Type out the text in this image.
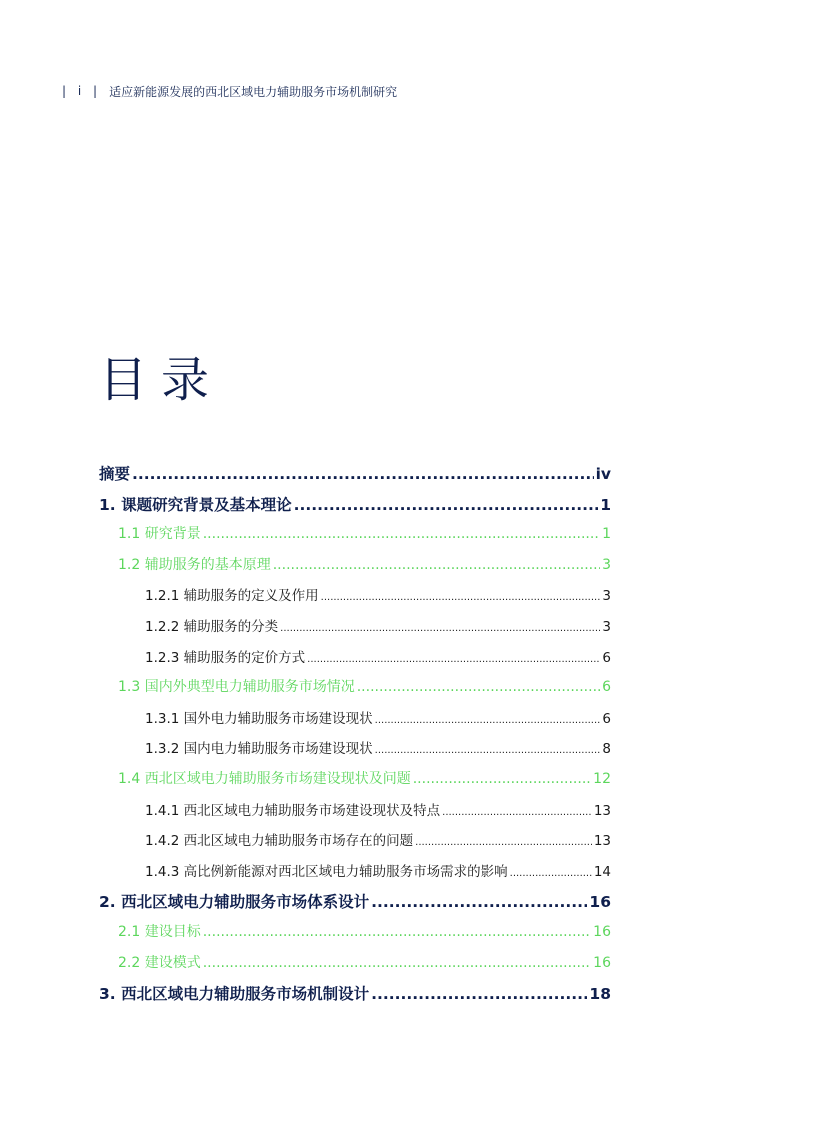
| i | 适应新能源发展的西北区域电力辅助服务市场机制研究
目录
摘要 .....	iv
1. 课题研究背景及基本理论 .....	1
1.1 研究背景 .....	1
1.2 辅助服务的基本原理 .....	3
1.2.1 辅助服务的定义及作用 .....	3
1.2.2 辅助服务的分类 .....	3
1.2.3 辅助服务的定价方式 .....	6
1.3 国内外典型电力辅助服务市场情况 .....	6
1.3.1 国外电力辅助服务市场建设现状 .....	6
1.3.2 国内电力辅助服务市场建设现状 .....	8
1.4 西北区域电力辅助服务市场建设现状及问题 .....	12
1.4.1 西北区域电力辅助服务市场建设现状及特点 .....	13
1.4.2 西北区域电力辅助服务市场存在的问题 .....	13
1.4.3 高比例新能源对西北区域电力辅助服务市场需求的影响 .....	14
2. 西北区域电力辅助服务市场体系设计 .....	16
2.1 建设目标 .....	16
2.2 建设模式 .....	16
3. 西北区域电力辅助服务市场机制设计 .....	18
